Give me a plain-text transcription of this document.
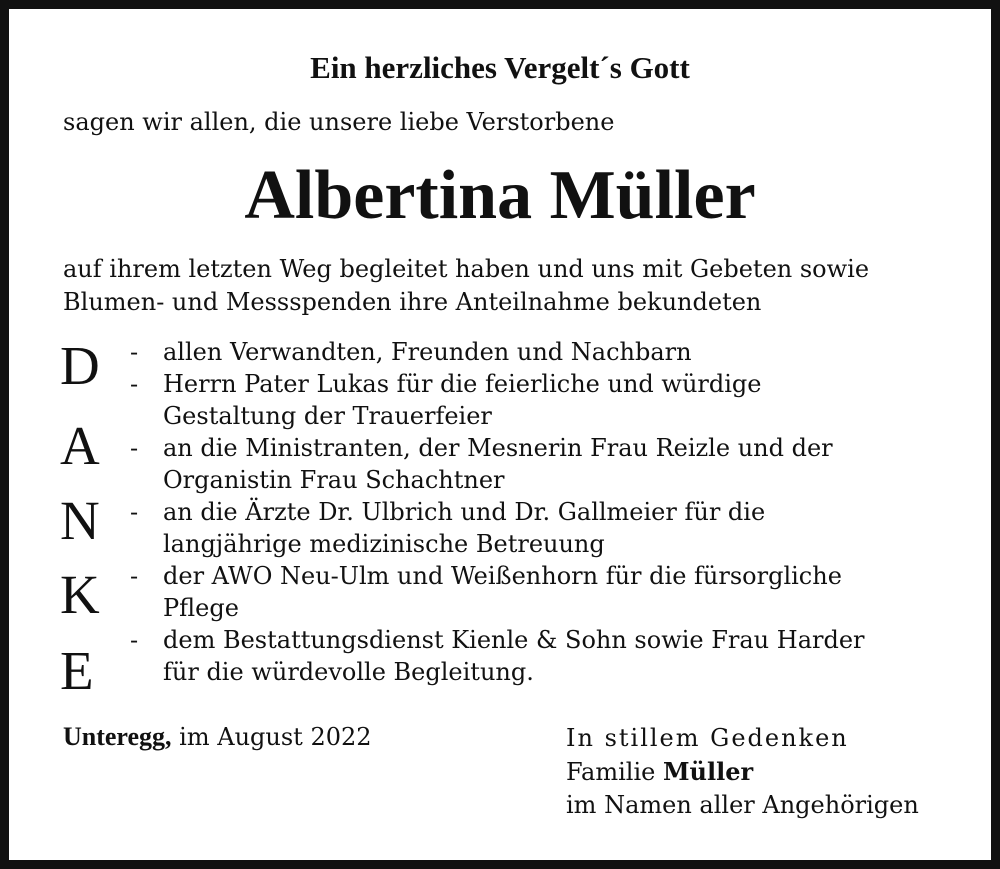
Ein herzliches Vergelt´s Gott
sagen wir allen, die unsere liebe Verstorbene
Albertina Müller
auf ihrem letzten Weg begleitet haben und uns mit Gebeten sowie
Blumen- und Messspenden ihre Anteilnahme bekundeten
D
A
N
K
E
-	allen Verwandten, Freunden und Nachbarn
-	Herrn Pater Lukas für die feierliche und würdige
Gestaltung der Trauerfeier
-	an die Ministranten, der Mesnerin Frau Reizle und der
Organistin Frau Schachtner
-	an die Ärzte Dr. Ulbrich und Dr. Gallmeier für die
langjährige medizinische Betreuung
-	der AWO Neu-Ulm und Weißenhorn für die fürsorgliche
Pflege
-	dem Bestattungsdienst Kienle & Sohn sowie Frau Harder
für die würdevolle Begleitung.
Unteregg, im August 2022	In stillem Gedenken
Familie Müller
im Namen aller Angehörigen
